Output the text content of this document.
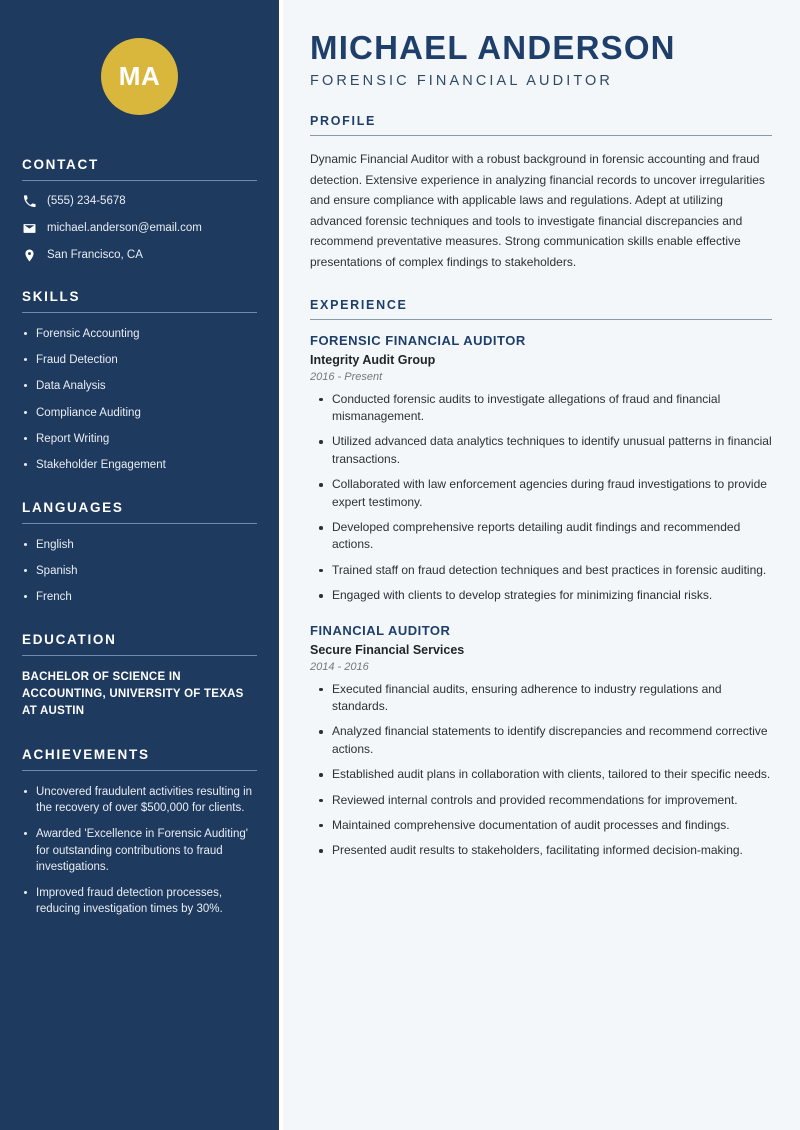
MA
CONTACT
(555) 234-5678
michael.anderson@email.com
San Francisco, CA
SKILLS
Forensic Accounting
Fraud Detection
Data Analysis
Compliance Auditing
Report Writing
Stakeholder Engagement
LANGUAGES
English
Spanish
French
EDUCATION
BACHELOR OF SCIENCE IN ACCOUNTING, UNIVERSITY OF TEXAS AT AUSTIN
ACHIEVEMENTS
Uncovered fraudulent activities resulting in the recovery of over $500,000 for clients.
Awarded 'Excellence in Forensic Auditing' for outstanding contributions to fraud investigations.
Improved fraud detection processes, reducing investigation times by 30%.
MICHAEL ANDERSON
FORENSIC FINANCIAL AUDITOR
PROFILE

Dynamic Financial Auditor with a robust background in forensic accounting and fraud detection. Extensive experience in analyzing financial records to uncover irregularities and ensure compliance with applicable laws and regulations. Adept at utilizing advanced forensic techniques and tools to investigate financial discrepancies and recommend preventative measures. Strong communication skills enable effective presentations of complex findings to stakeholders.

EXPERIENCE
FORENSIC FINANCIAL AUDITOR
Integrity Audit Group
2016 - Present
Conducted forensic audits to investigate allegations of fraud and financial mismanagement.
Utilized advanced data analytics techniques to identify unusual patterns in financial transactions.
Collaborated with law enforcement agencies during fraud investigations to provide expert testimony.
Developed comprehensive reports detailing audit findings and recommended actions.
Trained staff on fraud detection techniques and best practices in forensic auditing.
Engaged with clients to develop strategies for minimizing financial risks.
FINANCIAL AUDITOR
Secure Financial Services
2014 - 2016
Executed financial audits, ensuring adherence to industry regulations and standards.
Analyzed financial statements to identify discrepancies and recommend corrective actions.
Established audit plans in collaboration with clients, tailored to their specific needs.
Reviewed internal controls and provided recommendations for improvement.
Maintained comprehensive documentation of audit processes and findings.
Presented audit results to stakeholders, facilitating informed decision-making.
